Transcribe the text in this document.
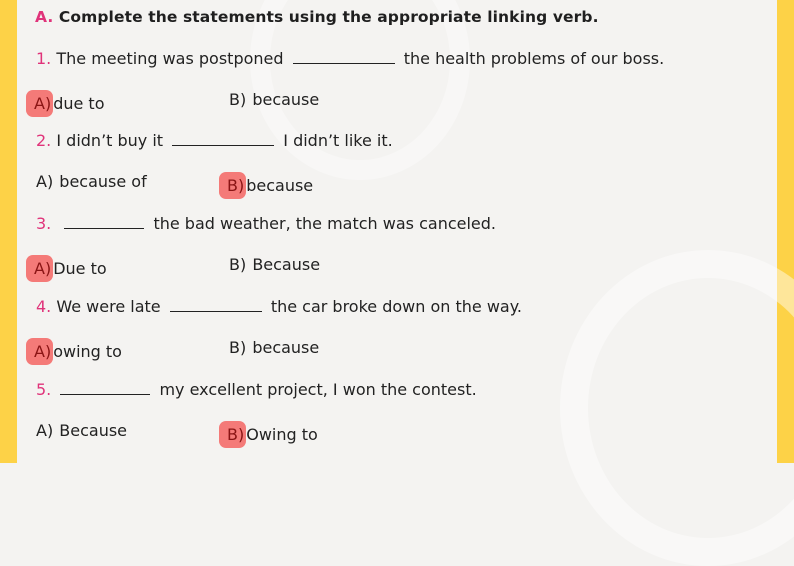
A. Complete the statements using the appropriate linking verb.
1. The meeting was postponed	the health problems of our boss.
A) due to	B) because
2. I didn’t buy it	I didn’t like it.
A) because of	B) because
3.	the bad weather, the match was canceled.
A) Due to	B) Because
4. We were late	the car broke down on the way.
A) owing to	B) because
5.	my excellent project, I won the contest.
A) Because	B) Owing to
